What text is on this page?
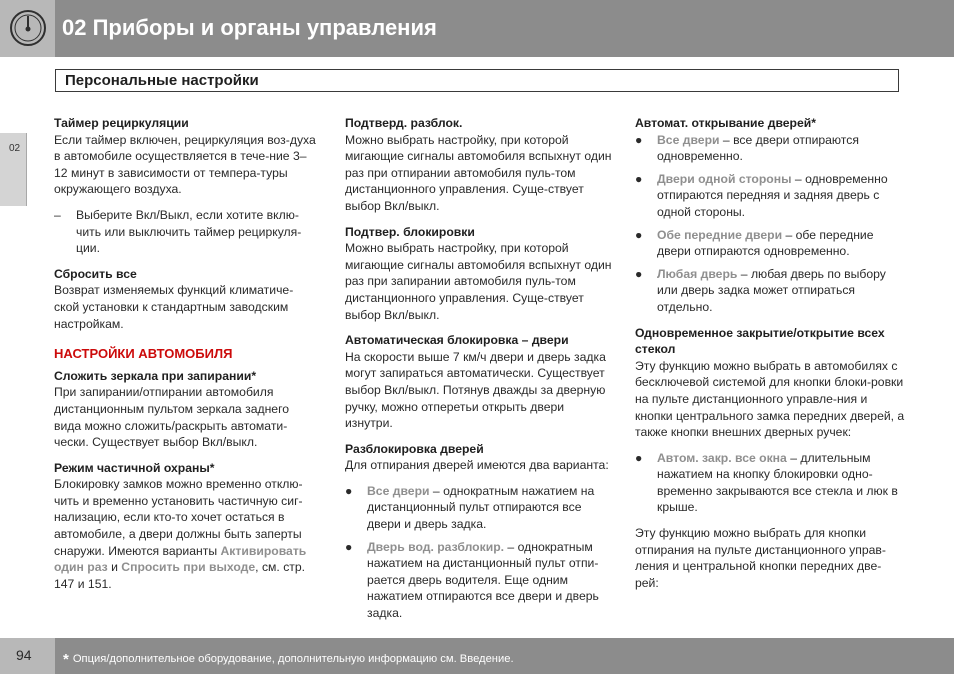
02 Приборы и органы управления
Персональные настройки
02
Таймер рециркуляции
Если таймер включен, рециркуляция воз-духа в автомобиле осуществляется в тече-ние 3–12 минут в зависимости от темпера-туры окружающего воздуха.
–	Выберите Вкл/Выкл, если хотите вклю-чить или выключить таймер рециркуля-ции.
Сбросить все
Возврат изменяемых функций климатиче-ской установки к стандартным заводским настройкам.
НАСТРОЙКИ АВТОМОБИЛЯ
Сложить зеркала при запирании*
При запирании/отпирании автомобиля дистанционным пультом зеркала заднего вида можно сложить/раскрыть автомати-чески. Существует выбор Вкл/выкл.
Режим частичной охраны*
Блокировку замков можно временно отклю-чить и временно установить частичную сиг-нализацию, если кто-то хочет остаться в автомобиле, а двери должны быть заперты снаружи. Имеются варианты Активировать один раз и Спросить при выходе, см. стр. 147 и 151.
Подтверд. разблок.
Можно выбрать настройку, при которой мигающие сигналы автомобиля вспыхнут один раз при отпирании автомобиля пуль-том дистанционного управления. Суще-ствует выбор Вкл/выкл.
Подтвер. блокировки
Можно выбрать настройку, при которой мигающие сигналы автомобиля вспыхнут один раз при запирании автомобиля пуль-том дистанционного управления. Суще-ствует выбор Вкл/выкл.
Автоматическая блокировка – двери
На скорости выше 7 км/ч двери и дверь задка могут запираться автоматически. Существует выбор Вкл/выкл. Потянув дважды за дверную ручку, можно отперетьи открыть двери изнутри.
Разблокировка дверей
Для отпирания дверей имеются два варианта:
●	Все двери – однократным нажатием на дистанционный пульт отпираются все двери и дверь задка.
●	Дверь вод. разблокир. – однократным нажатием на дистанционный пульт отпи-рается дверь водителя. Еще одним нажатием отпираются все двери и дверь задка.
Автомат. открывание дверей*
●	Все двери – все двери отпираются одновременно.
●	Двери одной стороны – одновременно отпираются передняя и задняя дверь с одной стороны.
●	Обе передние двери – обе передние двери отпираются одновременно.
●	Любая дверь – любая дверь по выбору или дверь задка может отпираться отдельно.
Одновременное закрытие/открытие всех стекол
Эту функцию можно выбрать в автомобилях с бесключевой системой для кнопки блоки-ровки на пульте дистанционного управле-ния и кнопки центрального замка передних дверей, а также кнопки внешних дверных ручек:
●	Автом. закр. все окна – длительным нажатием на кнопку блокировки одно-временно закрываются все стекла и люк в крыше.
Эту функцию можно выбрать для кнопки отпирания на пульте дистанционного управ-ления и центральной кнопки передних две-рей:
94 * Опция/дополнительное оборудование, дополнительную информацию см. Введение.
